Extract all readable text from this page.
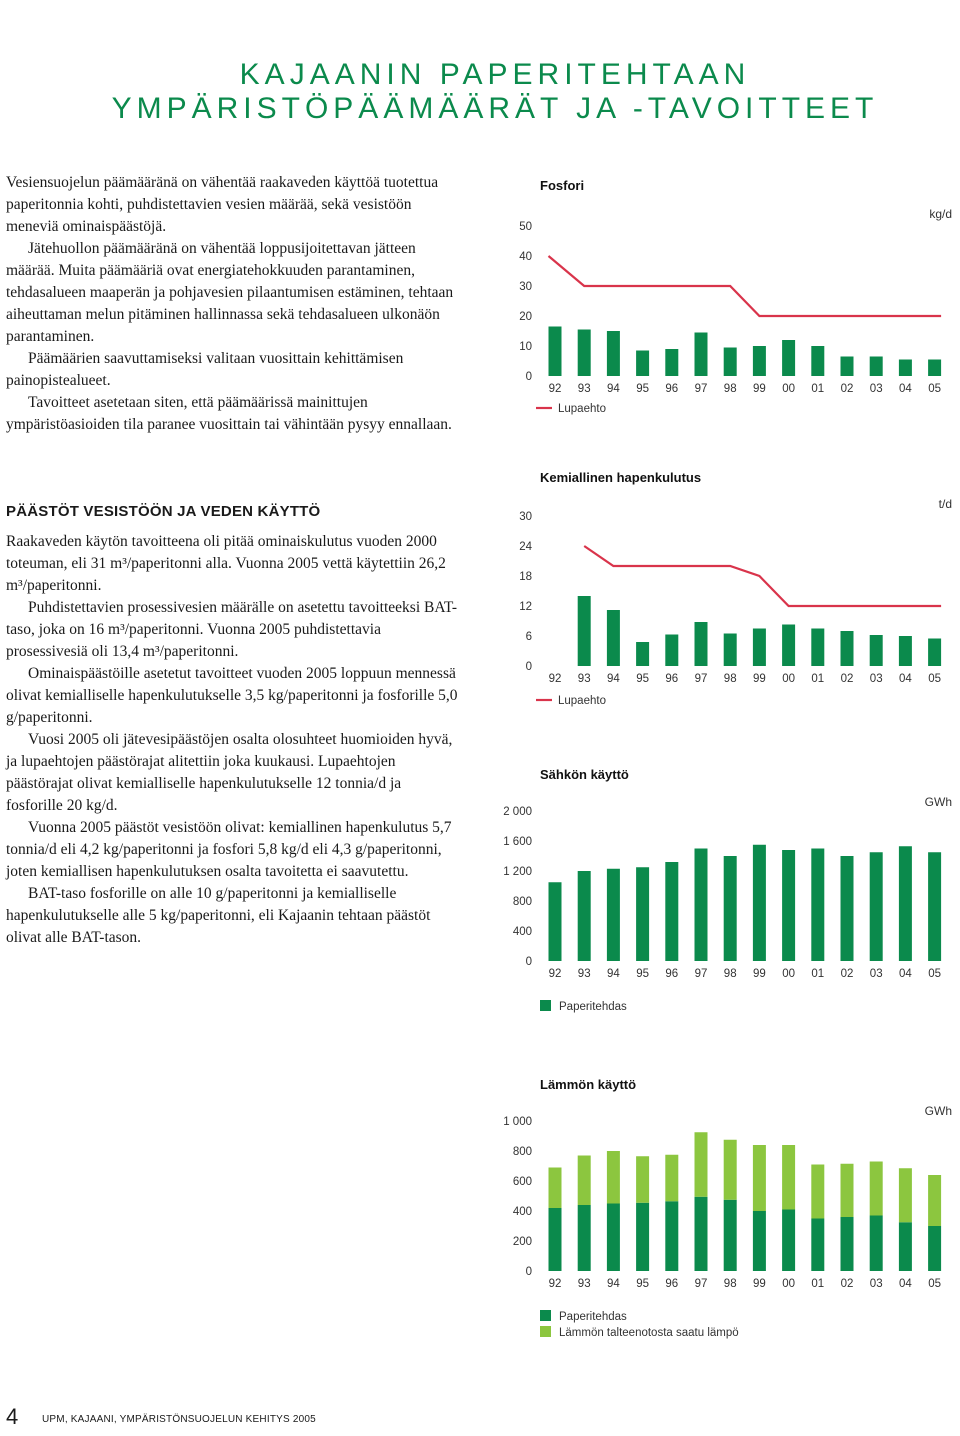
KAJAANIN PAPERITEHTAAN
YMPÄRISTÖPÄÄMÄÄRÄT JA -TAVOITTEET

Vesiensuojelun päämääränä on vähentää raakaveden käyttöä tuotettua paperitonnia kohti, puhdistettavien vesien määrää, sekä vesistöön meneviä ominaispäästöjä.

Jätehuollon päämääränä on vähentää loppusijoitettavan jätteen määrää. Muita päämääriä ovat energiatehokkuuden parantaminen, tehdasalueen maaperän ja pohjavesien pilaantumisen estäminen, tehtaan aiheuttaman melun pitäminen hallinnassa sekä tehdasalueen ulkonäön parantaminen.

Päämäärien saavuttamiseksi valitaan vuosittain kehittämisen painopistealueet.

Tavoitteet asetetaan siten, että päämäärissä mainittujen ympäristöasioiden tila paranee vuosittain tai vähintään pysyy ennallaan.

PÄÄSTÖT VESISTÖÖN JA VEDEN KÄYTTÖ

Raakaveden käytön tavoitteena oli pitää ominaiskulutus vuoden 2000 toteuman, eli 31 m³/paperitonni alla. Vuonna 2005 vettä käytettiin 26,2 m³/paperitonni.

Puhdistettavien prosessivesien määrälle on asetettu tavoitteeksi BAT-taso, joka on 16 m³/paperitonni. Vuonna 2005 puhdistettavia prosessivesiä oli 13,4 m³/paperitonni.

Ominaispäästöille asetetut tavoitteet vuoden 2005 loppuun mennessä olivat kemialliselle hapenkulutukselle 3,5 kg/paperitonni ja fosforille 5,0 g/paperitonni.

Vuosi 2005 oli jätevesipäästöjen osalta olosuhteet huomioiden hyvä, ja lupaehtojen päästörajat alitettiin joka kuukausi. Lupaehtojen päästörajat olivat kemialliselle hapenkulutukselle 12 tonnia/d ja fosforille 20 kg/d.

Vuonna 2005 päästöt vesistöön olivat: kemiallinen hapenkulutus 5,7 tonnia/d eli 4,2 kg/paperitonni ja fosfori 5,8 kg/d eli 4,3 g/paperitonni, joten kemiallisen hapenkulutuksen osalta tavoitetta ei saavutettu.

BAT-taso fosforille on alle 10 g/paperitonni ja kemialliselle hapenkulutukselle alle 5 kg/paperitonni, eli Kajaanin tehtaan päästöt olivat alle BAT-tason.

Fosfori
kg/d
0
10
20
30
40
50
92 93 94 95 96 97 98 99 00 01 02 03 04 05
Lupaehto
Kemiallinen hapenkulutus
t/d
0
6
12
18
24
30
92 93 94 95 96 97 98 99 00 01 02 03 04 05
Lupaehto
Sähkön käyttö
GWh
0
400
800
1 200
1 600
2 000
92 93 94 95 96 97 98 99 00 01 02 03 04 05
Paperitehdas
Lämmön käyttö
GWh
0
200
400
600
800
1 000
92 93 94 95 96 97 98 99 00 01 02 03 04 05
Paperitehdas
Lämmön talteenotosta saatu lämpö
4 UPM, KAJAANI, YMPÄRISTÖNSUOJELUN KEHITYS 2005
